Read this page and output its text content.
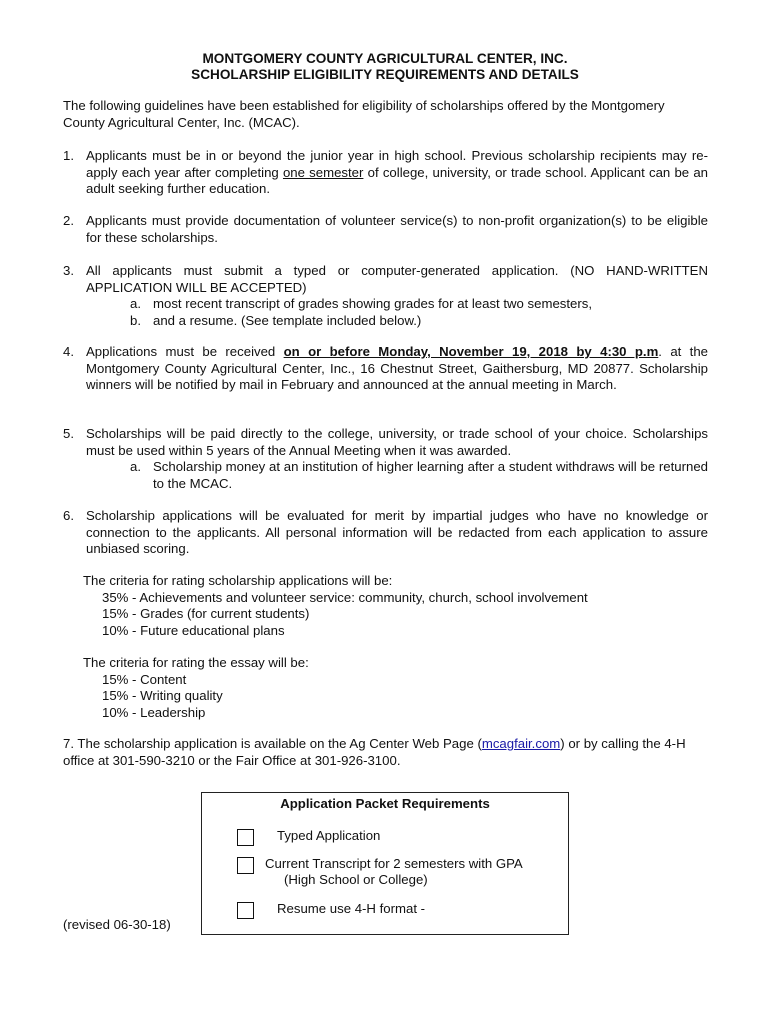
MONTGOMERY COUNTY AGRICULTURAL CENTER, INC.
SCHOLARSHIP ELIGIBILITY REQUIREMENTS AND DETAILS
The following guidelines have been established for eligibility of scholarships offered by the Montgomery County Agricultural Center, Inc. (MCAC).
1. Applicants must be in or beyond the junior year in high school. Previous scholarship recipients may re-apply each year after completing one semester of college, university, or trade school. Applicant can be an adult seeking further education.
2. Applicants must provide documentation of volunteer service(s) to non-profit organization(s) to be eligible for these scholarships.
3. All applicants must submit a typed or computer-generated application. (NO HAND-WRITTEN APPLICATION WILL BE ACCEPTED)
a. most recent transcript of grades showing grades for at least two semesters,
b. and a resume. (See template included below.)
4. Applications must be received on or before Monday, November 19, 2018 by 4:30 p.m. at the Montgomery County Agricultural Center, Inc., 16 Chestnut Street, Gaithersburg, MD 20877. Scholarship winners will be notified by mail in February and announced at the annual meeting in March.
5. Scholarships will be paid directly to the college, university, or trade school of your choice. Scholarships must be used within 5 years of the Annual Meeting when it was awarded.
a. Scholarship money at an institution of higher learning after a student withdraws will be returned to the MCAC.
6. Scholarship applications will be evaluated for merit by impartial judges who have no knowledge or connection to the applicants. All personal information will be redacted from each application to assure unbiased scoring.
The criteria for rating scholarship applications will be:
35% - Achievements and volunteer service: community, church, school involvement
15% - Grades (for current students)
10% - Future educational plans
The criteria for rating the essay will be:
15% - Content
15% - Writing quality
10% - Leadership
7. The scholarship application is available on the Ag Center Web Page (mcagfair.com) or by calling the 4-H office at 301-590-3210 or the Fair Office at 301-926-3100.
Application Packet Requirements
Typed Application
Current Transcript for 2 semesters with GPA
(High School or College)
Resume use 4-H format -
(revised 06-30-18)
